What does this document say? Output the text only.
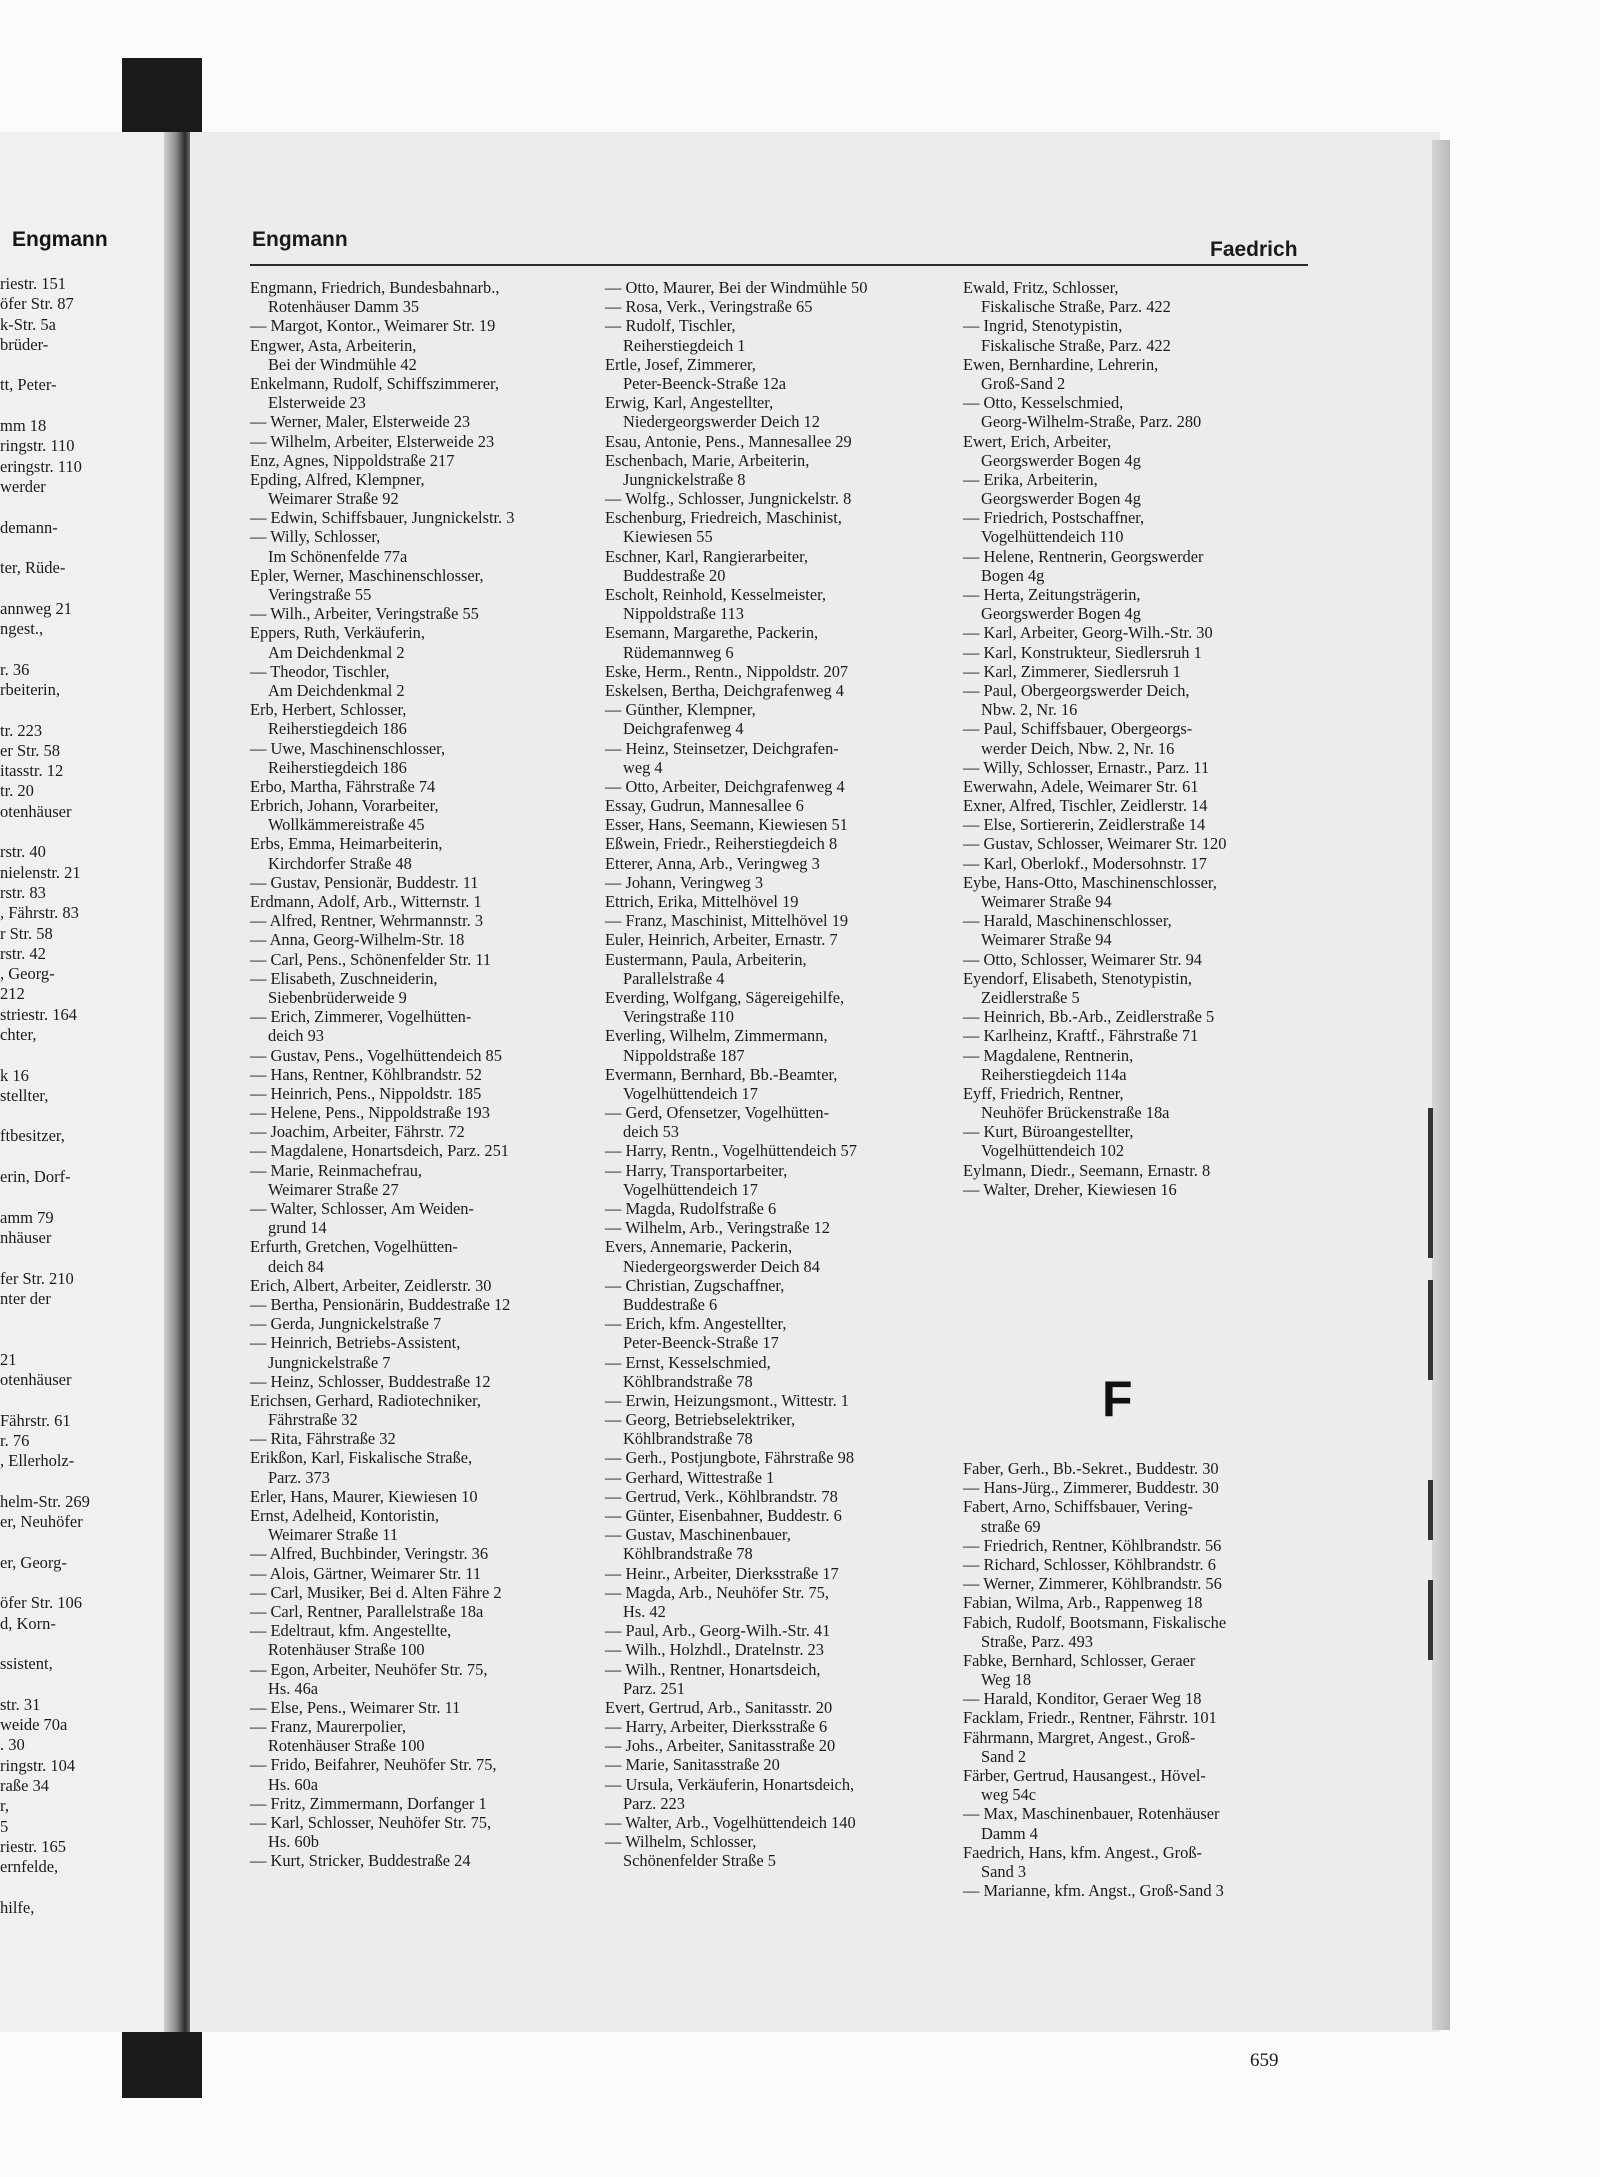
Engmann
riestr. 151
öfer Str. 87
k-Str. 5a
brüder-
tt, Peter-
mm 18
ringstr. 110
eringstr. 110
werder
demann-
ter, Rüde-
annweg 21
ngest.,
r. 36
rbeiterin,
tr. 223
er Str. 58
itasstr. 12
tr. 20
otenhäuser
rstr. 40
nielenstr. 21
rstr. 83
, Fährstr. 83
r Str. 58
rstr. 42
, Georg-
212
striestr. 164
chter,
k 16
stellter,
ftbesitzer,
erin, Dorf-
amm 79
nhäuser
fer Str. 210
nter der
21
otenhäuser
Fährstr. 61
r. 76
, Ellerholz-
helm-Str. 269
er, Neuhöfer
er, Georg-
öfer Str. 106
d, Korn-
ssistent,
str. 31
weide 70a
. 30
ringstr. 104
raße 34
r,
5
riestr. 165
ernfelde,
hilfe,
Engmann	Faedrich
Engmann, Friedrich, Bundesbahnarb.,
Rotenhäuser Damm 35
— Margot, Kontor., Weimarer Str. 19
Engwer, Asta, Arbeiterin,
Bei der Windmühle 42
Enkelmann, Rudolf, Schiffszimmerer,
Elsterweide 23
— Werner, Maler, Elsterweide 23
— Wilhelm, Arbeiter, Elsterweide 23
Enz, Agnes, Nippoldstraße 217
Epding, Alfred, Klempner,
Weimarer Straße 92
— Edwin, Schiffsbauer, Jungnickelstr. 3
— Willy, Schlosser,
Im Schönenfelde 77a
Epler, Werner, Maschinenschlosser,
Veringstraße 55
— Wilh., Arbeiter, Veringstraße 55
Eppers, Ruth, Verkäuferin,
Am Deichdenkmal 2
— Theodor, Tischler,
Am Deichdenkmal 2
Erb, Herbert, Schlosser,
Reiherstiegdeich 186
— Uwe, Maschinenschlosser,
Reiherstiegdeich 186
Erbo, Martha, Fährstraße 74
Erbrich, Johann, Vorarbeiter,
Wollkämmereistraße 45
Erbs, Emma, Heimarbeiterin,
Kirchdorfer Straße 48
— Gustav, Pensionär, Buddestr. 11
Erdmann, Adolf, Arb., Witternstr. 1
— Alfred, Rentner, Wehrmannstr. 3
— Anna, Georg-Wilhelm-Str. 18
— Carl, Pens., Schönenfelder Str. 11
— Elisabeth, Zuschneiderin,
Siebenbrüderweide 9
— Erich, Zimmerer, Vogelhütten-
deich 93
— Gustav, Pens., Vogelhüttendeich 85
— Hans, Rentner, Köhlbrandstr. 52
— Heinrich, Pens., Nippoldstr. 185
— Helene, Pens., Nippoldstraße 193
— Joachim, Arbeiter, Fährstr. 72
— Magdalene, Honartsdeich, Parz. 251
— Marie, Reinmachefrau,
Weimarer Straße 27
— Walter, Schlosser, Am Weiden-
grund 14
Erfurth, Gretchen, Vogelhütten-
deich 84
Erich, Albert, Arbeiter, Zeidlerstr. 30
— Bertha, Pensionärin, Buddestraße 12
— Gerda, Jungnickelstraße 7
— Heinrich, Betriebs-Assistent,
Jungnickelstraße 7
— Heinz, Schlosser, Buddestraße 12
Erichsen, Gerhard, Radiotechniker,
Fährstraße 32
— Rita, Fährstraße 32
Erikßon, Karl, Fiskalische Straße,
Parz. 373
Erler, Hans, Maurer, Kiewiesen 10
Ernst, Adelheid, Kontoristin,
Weimarer Straße 11
— Alfred, Buchbinder, Veringstr. 36
— Alois, Gärtner, Weimarer Str. 11
— Carl, Musiker, Bei d. Alten Fähre 2
— Carl, Rentner, Parallelstraße 18a
— Edeltraut, kfm. Angestellte,
Rotenhäuser Straße 100
— Egon, Arbeiter, Neuhöfer Str. 75,
Hs. 46a
— Else, Pens., Weimarer Str. 11
— Franz, Maurerpolier,
Rotenhäuser Straße 100
— Frido, Beifahrer, Neuhöfer Str. 75,
Hs. 60a
— Fritz, Zimmermann, Dorfanger 1
— Karl, Schlosser, Neuhöfer Str. 75,
Hs. 60b
— Kurt, Stricker, Buddestraße 24
— Otto, Maurer, Bei der Windmühle 50
— Rosa, Verk., Veringstraße 65
— Rudolf, Tischler,
Reiherstiegdeich 1
Ertle, Josef, Zimmerer,
Peter-Beenck-Straße 12a
Erwig, Karl, Angestellter,
Niedergeorgswerder Deich 12
Esau, Antonie, Pens., Mannesallee 29
Eschenbach, Marie, Arbeiterin,
Jungnickelstraße 8
— Wolfg., Schlosser, Jungnickelstr. 8
Eschenburg, Friedreich, Maschinist,
Kiewiesen 55
Eschner, Karl, Rangierarbeiter,
Buddestraße 20
Escholt, Reinhold, Kesselmeister,
Nippoldstraße 113
Esemann, Margarethe, Packerin,
Rüdemannweg 6
Eske, Herm., Rentn., Nippoldstr. 207
Eskelsen, Bertha, Deichgrafenweg 4
— Günther, Klempner,
Deichgrafenweg 4
— Heinz, Steinsetzer, Deichgrafen-
weg 4
— Otto, Arbeiter, Deichgrafenweg 4
Essay, Gudrun, Mannesallee 6
Esser, Hans, Seemann, Kiewiesen 51
Eßwein, Friedr., Reiherstiegdeich 8
Etterer, Anna, Arb., Veringweg 3
— Johann, Veringweg 3
Ettrich, Erika, Mittelhövel 19
— Franz, Maschinist, Mittelhövel 19
Euler, Heinrich, Arbeiter, Ernastr. 7
Eustermann, Paula, Arbeiterin,
Parallelstraße 4
Everding, Wolfgang, Sägereigehilfe,
Veringstraße 110
Everling, Wilhelm, Zimmermann,
Nippoldstraße 187
Evermann, Bernhard, Bb.-Beamter,
Vogelhüttendeich 17
— Gerd, Ofensetzer, Vogelhütten-
deich 53
— Harry, Rentn., Vogelhüttendeich 57
— Harry, Transportarbeiter,
Vogelhüttendeich 17
— Magda, Rudolfstraße 6
— Wilhelm, Arb., Veringstraße 12
Evers, Annemarie, Packerin,
Niedergeorgswerder Deich 84
— Christian, Zugschaffner,
Buddestraße 6
— Erich, kfm. Angestellter,
Peter-Beenck-Straße 17
— Ernst, Kesselschmied,
Köhlbrandstraße 78
— Erwin, Heizungsmont., Wittestr. 1
— Georg, Betriebselektriker,
Köhlbrandstraße 78
— Gerh., Postjungbote, Fährstraße 98
— Gerhard, Wittestraße 1
— Gertrud, Verk., Köhlbrandstr. 78
— Günter, Eisenbahner, Buddestr. 6
— Gustav, Maschinenbauer,
Köhlbrandstraße 78
— Heinr., Arbeiter, Dierksstraße 17
— Magda, Arb., Neuhöfer Str. 75,
Hs. 42
— Paul, Arb., Georg-Wilh.-Str. 41
— Wilh., Holzhdl., Dratelnstr. 23
— Wilh., Rentner, Honartsdeich,
Parz. 251
Evert, Gertrud, Arb., Sanitasstr. 20
— Harry, Arbeiter, Dierksstraße 6
— Johs., Arbeiter, Sanitasstraße 20
— Marie, Sanitasstraße 20
— Ursula, Verkäuferin, Honartsdeich,
Parz. 223
— Walter, Arb., Vogelhüttendeich 140
— Wilhelm, Schlosser,
Schönenfelder Straße 5
Ewald, Fritz, Schlosser,
Fiskalische Straße, Parz. 422
— Ingrid, Stenotypistin,
Fiskalische Straße, Parz. 422
Ewen, Bernhardine, Lehrerin,
Groß-Sand 2
— Otto, Kesselschmied,
Georg-Wilhelm-Straße, Parz. 280
Ewert, Erich, Arbeiter,
Georgswerder Bogen 4g
— Erika, Arbeiterin,
Georgswerder Bogen 4g
— Friedrich, Postschaffner,
Vogelhüttendeich 110
— Helene, Rentnerin, Georgswerder
Bogen 4g
— Herta, Zeitungsträgerin,
Georgswerder Bogen 4g
— Karl, Arbeiter, Georg-Wilh.-Str. 30
— Karl, Konstrukteur, Siedlersruh 1
— Karl, Zimmerer, Siedlersruh 1
— Paul, Obergeorgswerder Deich,
Nbw. 2, Nr. 16
— Paul, Schiffsbauer, Obergeorgs-
werder Deich, Nbw. 2, Nr. 16
— Willy, Schlosser, Ernastr., Parz. 11
Ewerwahn, Adele, Weimarer Str. 61
Exner, Alfred, Tischler, Zeidlerstr. 14
— Else, Sortiererin, Zeidlerstraße 14
— Gustav, Schlosser, Weimarer Str. 120
— Karl, Oberlokf., Modersohnstr. 17
Eybe, Hans-Otto, Maschinenschlosser,
Weimarer Straße 94
— Harald, Maschinenschlosser,
Weimarer Straße 94
— Otto, Schlosser, Weimarer Str. 94
Eyendorf, Elisabeth, Stenotypistin,
Zeidlerstraße 5
— Heinrich, Bb.-Arb., Zeidlerstraße 5
— Karlheinz, Kraftf., Fährstraße 71
— Magdalene, Rentnerin,
Reiherstiegdeich 114a
Eyff, Friedrich, Rentner,
Neuhöfer Brückenstraße 18a
— Kurt, Büroangestellter,
Vogelhüttendeich 102
Eylmann, Diedr., Seemann, Ernastr. 8
— Walter, Dreher, Kiewiesen 16
F
Faber, Gerh., Bb.-Sekret., Buddestr. 30
— Hans-Jürg., Zimmerer, Buddestr. 30
Fabert, Arno, Schiffsbauer, Vering-
straße 69
— Friedrich, Rentner, Köhlbrandstr. 56
— Richard, Schlosser, Köhlbrandstr. 6
— Werner, Zimmerer, Köhlbrandstr. 56
Fabian, Wilma, Arb., Rappenweg 18
Fabich, Rudolf, Bootsmann, Fiskalische
Straße, Parz. 493
Fabke, Bernhard, Schlosser, Geraer
Weg 18
— Harald, Konditor, Geraer Weg 18
Facklam, Friedr., Rentner, Fährstr. 101
Fährmann, Margret, Angest., Groß-
Sand 2
Färber, Gertrud, Hausangest., Hövel-
weg 54c
— Max, Maschinenbauer, Rotenhäuser
Damm 4
Faedrich, Hans, kfm. Angest., Groß-
Sand 3
— Marianne, kfm. Angst., Groß-Sand 3
659
